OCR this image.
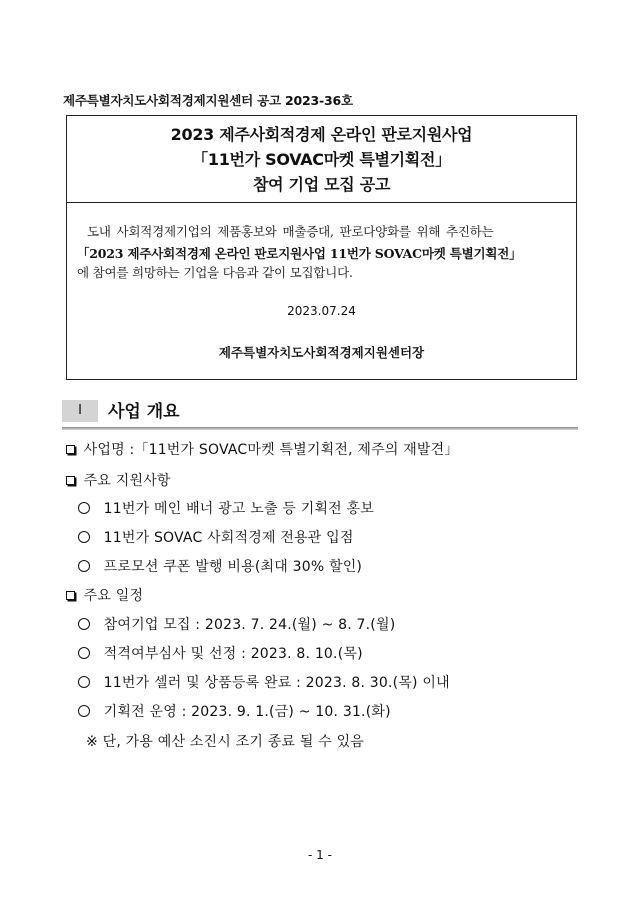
제주특별자치도사회적경제지원센터 공고 2023-36호
2023 제주사회적경제 온라인 판로지원사업
「11번가 SOVAC마켓 특별기획전」
참여 기업 모집 공고
도내 사회적경제기업의 제품홍보와 매출증대, 판로다양화를 위해 추진하는
「2023 제주사회적경제 온라인 판로지원사업 11번가 SOVAC마켓 특별기획전」
에 참여를 희망하는 기업을 다음과 같이 모집합니다.
2023.07.24
제주특별자치도사회적경제지원센터장
Ⅰ	사업 개요
사업명 :「11번가 SOVAC마켓 특별기획전, 제주의 재발견」
주요 지원사항
11번가 메인 배너 광고 노출 등 기획전 홍보
11번가 SOVAC 사회적경제 전용관 입점
프로모션 쿠폰 발행 비용(최대 30% 할인)
주요 일정
참여기업 모집 : 2023. 7. 24.(월) ~ 8. 7.(월)
적격여부심사 및 선정 : 2023. 8. 10.(목)
11번가 셀러 및 상품등록 완료 : 2023. 8. 30.(목) 이내
기획전 운영 : 2023. 9. 1.(금) ~ 10. 31.(화)
※ 단, 가용 예산 소진시 조기 종료 될 수 있음
- 1 -
